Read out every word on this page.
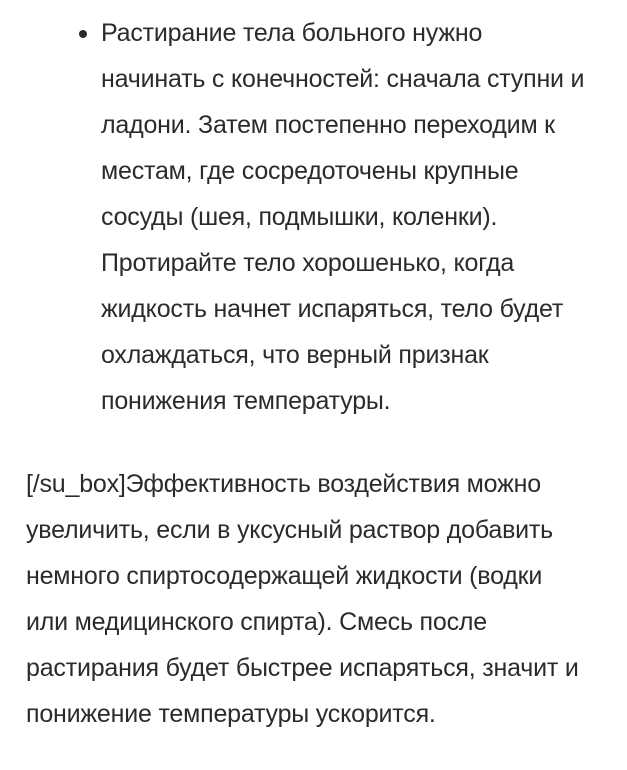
Растирание тела больного нужно
начинать с конечностей: сначала ступни и
ладони. Затем постепенно переходим к
местам, где сосредоточены крупные
сосуды (шея, подмышки, коленки).
Протирайте тело хорошенько, когда
жидкость начнет испаряться, тело будет
охлаждаться, что верный признак
понижения температуры.

[/su_box]Эффективность воздействия можно
увеличить, если в уксусный раствор добавить
немного спиртосодержащей жидкости (водки
или медицинского спирта). Смесь после
растирания будет быстрее испаряться, значит и
понижение температуры ускорится.
